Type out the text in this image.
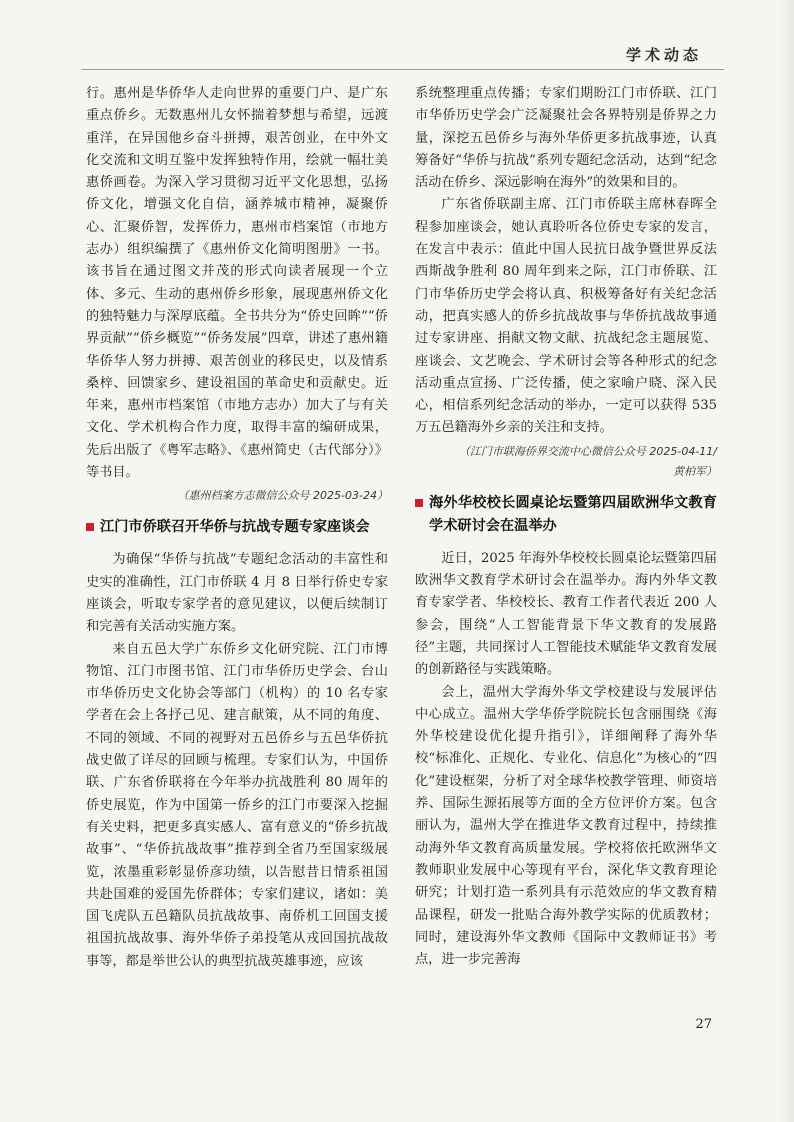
学术动态

行。惠州是华侨华人走向世界的重要门户、是广东重点侨乡。无数惠州儿女怀揣着梦想与希望，远渡重洋，在异国他乡奋斗拼搏，艰苦创业，在中外文化交流和文明互鉴中发挥独特作用，绘就一幅壮美惠侨画卷。为深入学习贯彻习近平文化思想，弘扬侨文化，增强文化自信，涵养城市精神，凝聚侨心、汇聚侨智，发挥侨力，惠州市档案馆（市地方志办）组织编撰了《惠州侨文化简明图册》一书。该书旨在通过图文并茂的形式向读者展现一个立体、多元、生动的惠州侨乡形象，展现惠州侨文化的独特魅力与深厚底蕴。全书共分为“侨史回眸”“侨界贡献”“侨乡概览”“侨务发展”四章，讲述了惠州籍华侨华人努力拼搏、艰苦创业的移民史，以及情系桑梓、回馈家乡、建设祖国的革命史和贡献史。近年来，惠州市档案馆（市地方志办）加大了与有关文化、学术机构合作力度，取得丰富的编研成果，先后出版了《粤军志略》、《惠州简史（古代部分）》等书目。

（惠州档案方志微信公众号 2025-03-24）
江门市侨联召开华侨与抗战专题专家座谈会

为确保“华侨与抗战”专题纪念活动的丰富性和史实的准确性，江门市侨联 4 月 8 日举行侨史专家座谈会，听取专家学者的意见建议，以便后续制订和完善有关活动实施方案。

来自五邑大学广东侨乡文化研究院、江门市博物馆、江门市图书馆、江门市华侨历史学会、台山市华侨历史文化协会等部门（机构）的 10 名专家学者在会上各抒己见、建言献策，从不同的角度、不同的领域、不同的视野对五邑侨乡与五邑华侨抗战史做了详尽的回顾与梳理。专家们认为，中国侨联、广东省侨联将在今年举办抗战胜利 80 周年的侨史展览，作为中国第一侨乡的江门市要深入挖掘有关史料，把更多真实感人、富有意义的“侨乡抗战故事”、“华侨抗战故事”推荐到全省乃至国家级展览，浓墨重彩彰显侨彦功绩，以告慰昔日情系祖国共赴国难的爱国先侨群体；专家们建议，诸如：美国飞虎队五邑籍队员抗战故事、南侨机工回国支援祖国抗战故事、海外华侨子弟投笔从戎回国抗战故事等，都是举世公认的典型抗战英雄事迹，应该

系统整理重点传播；专家们期盼江门市侨联、江门市华侨历史学会广泛凝聚社会各界特别是侨界之力量，深挖五邑侨乡与海外华侨更多抗战事迹，认真筹备好“华侨与抗战”系列专题纪念活动，达到“纪念活动在侨乡、深远影响在海外”的效果和目的。

广东省侨联副主席、江门市侨联主席林春晖全程参加座谈会，她认真聆听各位侨史专家的发言，在发言中表示：值此中国人民抗日战争暨世界反法西斯战争胜利 80 周年到来之际，江门市侨联、江门市华侨历史学会将认真、积极筹备好有关纪念活动，把真实感人的侨乡抗战故事与华侨抗战故事通过专家讲座、捐献文物文献、抗战纪念主题展览、座谈会、文艺晚会、学术研讨会等各种形式的纪念活动重点宣扬、广泛传播，使之家喻户晓、深入民心，相信系列纪念活动的举办，一定可以获得 535 万五邑籍海外乡亲的关注和支持。

（江门市联海侨界交流中心微信公众号 2025-04-11/
黄柏军）
海外华校校长圆桌论坛暨第四届欧洲华文教育学术研讨会在温举办

近日，2025 年海外华校校长圆桌论坛暨第四届欧洲华文教育学术研讨会在温举办。海内外华文教育专家学者、华校校长、教育工作者代表近 200 人参会，围绕“人工智能背景下华文教育的发展路径”主题，共同探讨人工智能技术赋能华文教育发展的创新路径与实践策略。

会上，温州大学海外华文学校建设与发展评估中心成立。温州大学华侨学院院长包含丽围绕《海外华校建设优化提升指引》，详细阐释了海外华校“标准化、正规化、专业化、信息化”为核心的“四化”建设框架，分析了对全球华校教学管理、师资培养、国际生源拓展等方面的全方位评价方案。包含丽认为，温州大学在推进华文教育过程中，持续推动海外华文教育高质量发展。学校将依托欧洲华文教师职业发展中心等现有平台，深化华文教育理论研究；计划打造一系列具有示范效应的华文教育精品课程，研发一批贴合海外教学实际的优质教材；同时，建设海外华文教师《国际中文教师证书》考点，进一步完善海

27
